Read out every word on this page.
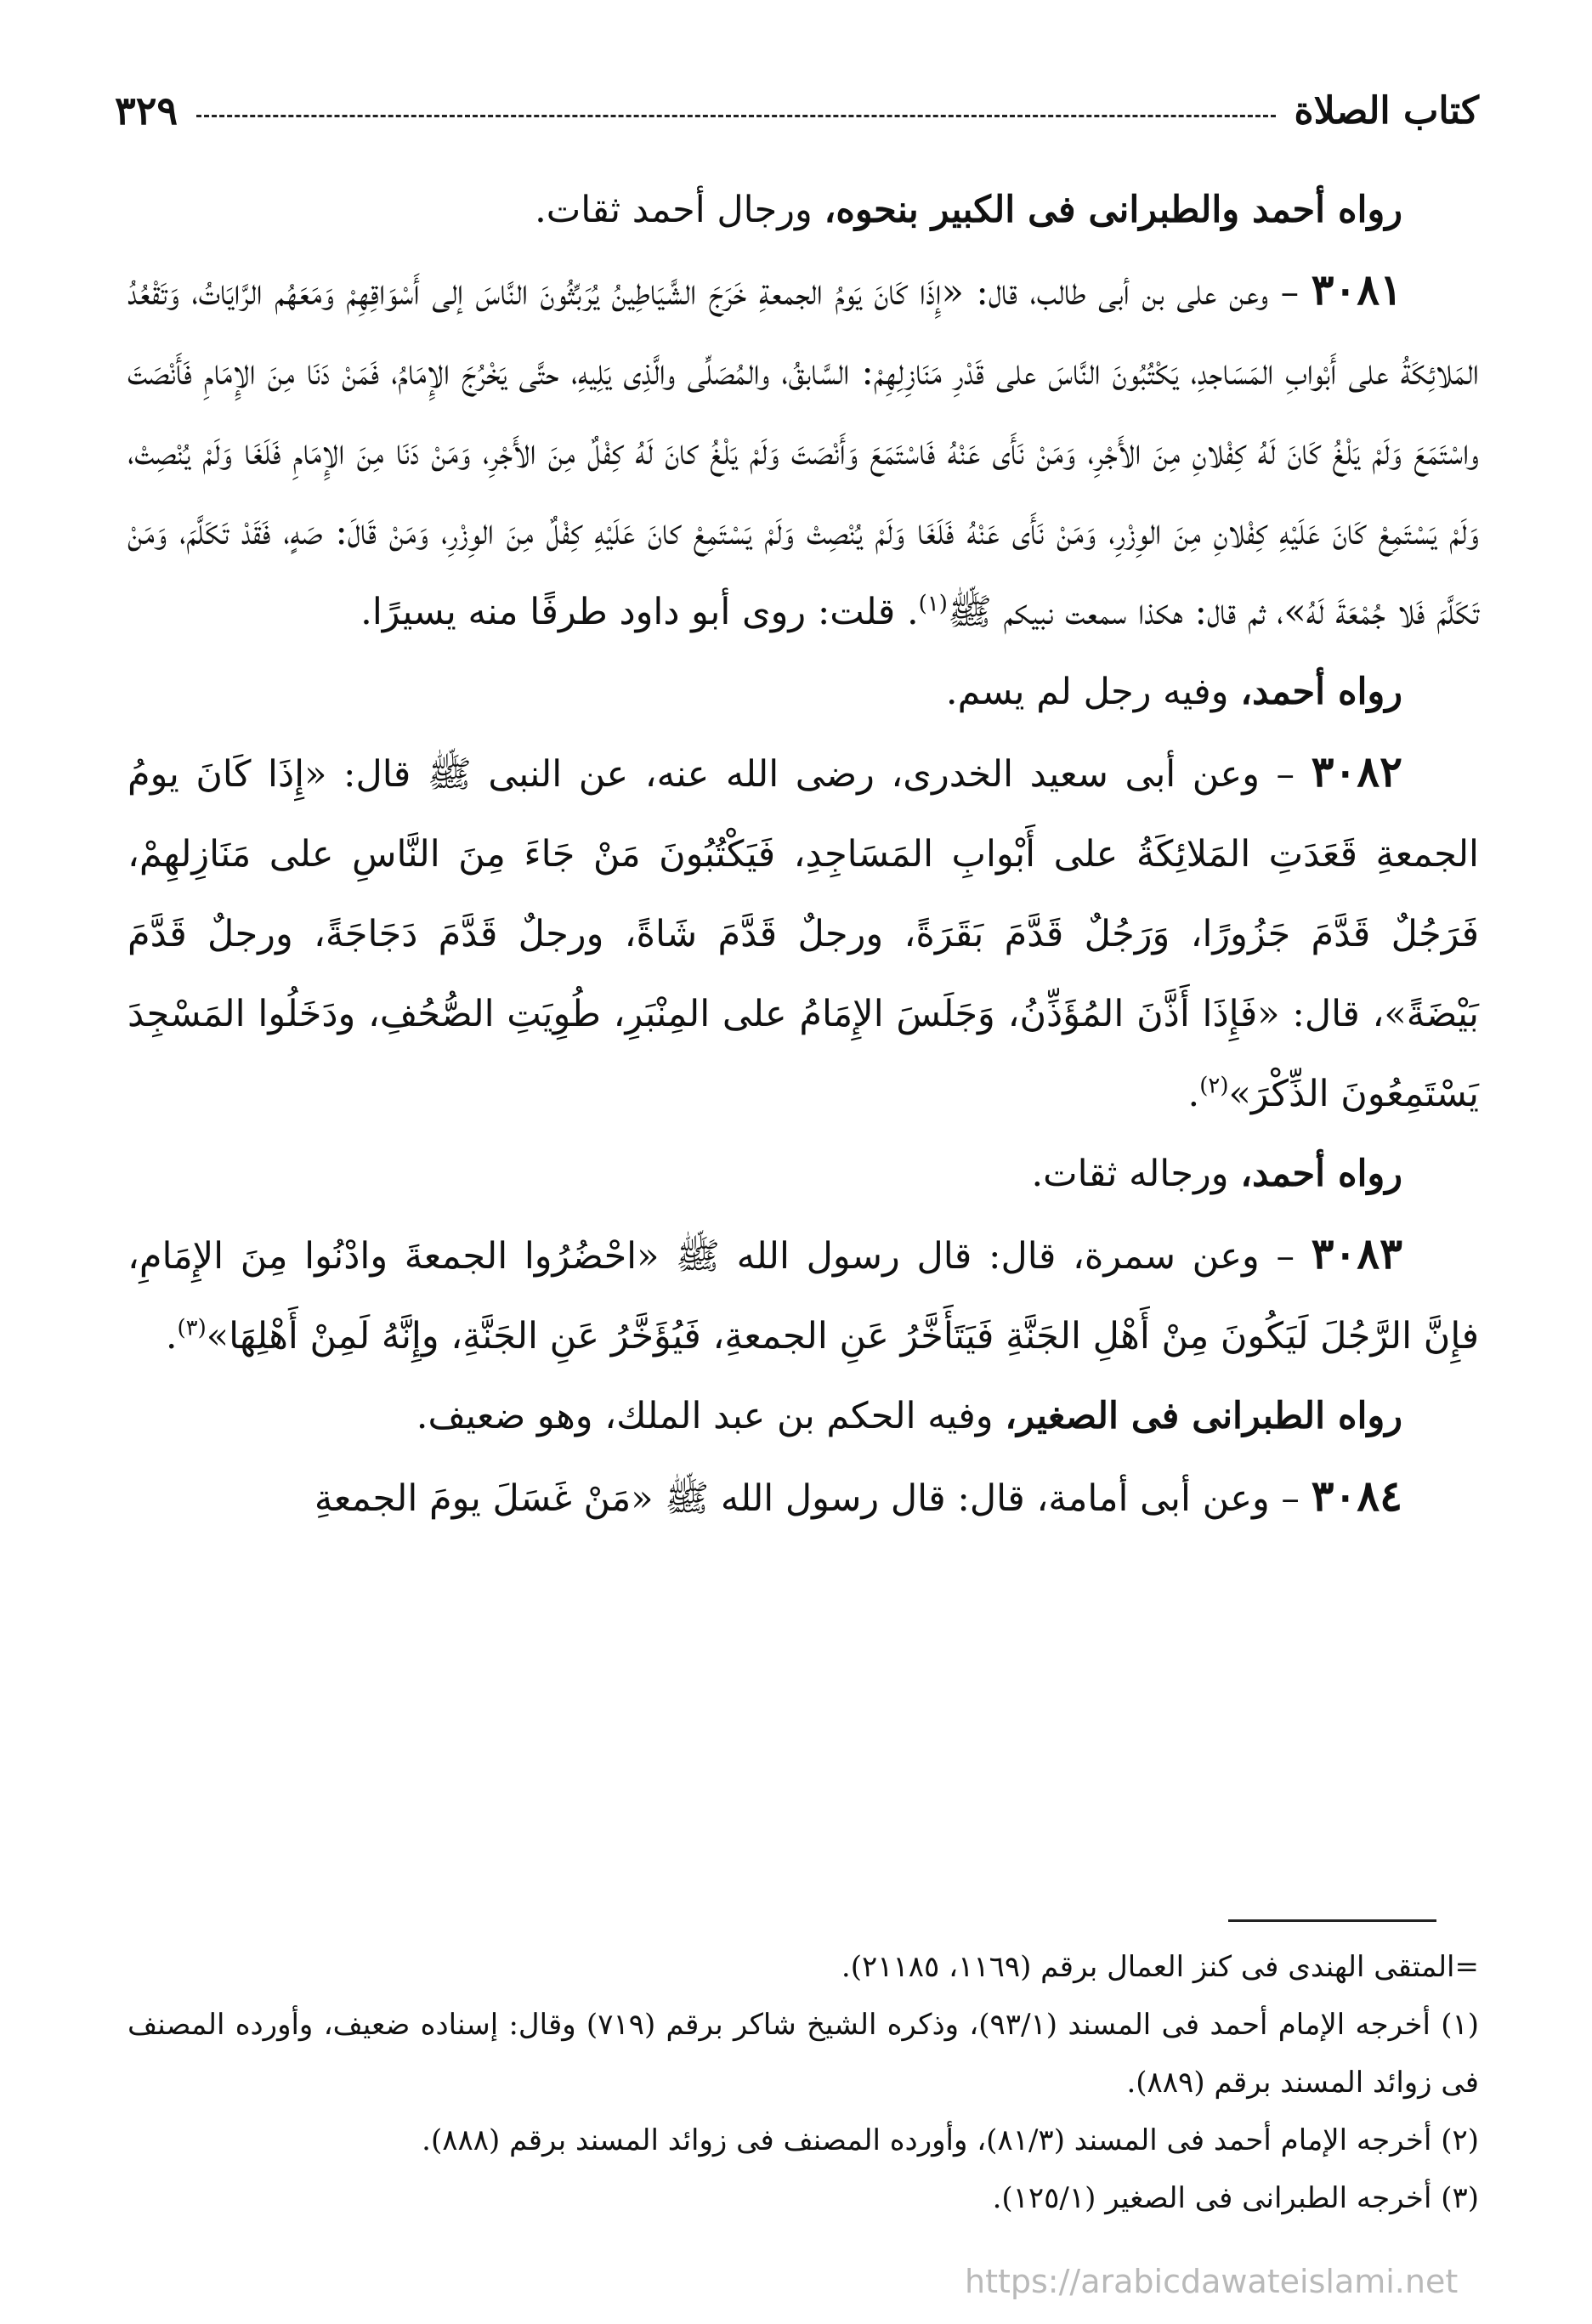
كتاب الصلاة
٣٢٩

رواه أحمد والطبرانى فى الكبير بنحوه، ورجال أحمد ثقات.

٣٠٨١ – وعن على بن أبى طالب، قال: «إِذَا كَانَ يَومُ الجمعةِ خَرَجَ الشَّيَاطِينُ يُرَبِّثُونَ النَّاسَ إلى أَسْوَاقِهِمْ وَمَعَهُم الرَّايَاتُ، وَتَقْعُدُ المَلائِكَةُ على أَبْوابِ المَسَاجدِ، يَكْتُبُونَ النَّاسَ على قَدْرِ مَنَازِلِهِمْ: السَّابقُ، والمُصَلِّى والَّذِى يَلِيهِ، حتَّى يَخْرُجَ الإِمَامُ، فَمَنْ دَنَا مِنَ الإِمَامِ فَأَنْصَتَ واسْتَمَعَ وَلَمْ يَلْغُ كَانَ لَهُ كِفْلانِ مِنَ الأَجْرِ، وَمَنْ نَأَى عَنْهُ فَاسْتَمَعَ وَأَنْصَتَ وَلَمْ يَلْغُ كانَ لَهُ كِفْلٌ مِنَ الأَجْرِ، وَمَنْ دَنَا مِنَ الإِمَامِ فَلَغَا وَلَمْ يُنْصِتْ، وَلَمْ يَسْتَمِعْ كَانَ عَلَيْهِ كِفْلانِ مِنَ الوِزْرِ، وَمَنْ نَأَى عَنْهُ فَلَغَا وَلَمْ يُنْصِتْ وَلَمْ يَسْتَمِعْ كانَ عَلَيْهِ كِفْلٌ مِنَ الوِزْرِ، وَمَنْ قَالَ: صَهٍ، فَقَدْ تَكَلَّمَ، وَمَنْ تَكَلَّمَ فَلا جُمْعَةَ لَهُ»، ثم قال: هكذا سمعت نبيكم ﷺ$^{(١)}$. قلت: روى أبو داود طرفًا منه يسيرًا.

رواه أحمد، وفيه رجل لم يسم.

٣٠٨٢ – وعن أبى سعيد الخدرى، رضى الله عنه، عن النبى ﷺ قال: «إِذَا كَانَ يومُ الجمعةِ قَعَدَتِ المَلائِكَةُ على أَبْوابِ المَسَاجِدِ، فَيَكْتُبُونَ مَنْ جَاءَ مِنَ النَّاسِ على مَنَازِلهِمْ، فَرَجُلٌ قَدَّمَ جَزُورًا، وَرَجُلٌ قَدَّمَ بَقَرَةً، ورجلٌ قَدَّمَ شَاةً، ورجلٌ قَدَّمَ دَجَاجَةً، ورجلٌ قَدَّمَ بَيْضَةً»، قال: «فَإِذَا أَذَّنَ المُؤَذِّنُ، وَجَلَسَ الإِمَامُ على المِنْبَرِ، طُوِيَتِ الصُّحُفِ، ودَخَلُوا المَسْجِدَ يَسْتَمِعُونَ الذِّكْرَ»$^{(٢)}$.

رواه أحمد، ورجاله ثقات.

٣٠٨٣ – وعن سمرة، قال: قال رسول الله ﷺ «احْضُرُوا الجمعةَ وادْنُوا مِنَ الإِمَامِ، فإِنَّ الرَّجُلَ لَيَكُونَ مِنْ أَهْلِ الجَنَّةِ فَيَتَأَخَّرُ عَنِ الجمعةِ، فَيُؤَخَّرُ عَنِ الجَنَّةِ، وإِنَّهُ لَمِنْ أَهْلِهَا»$^{(٣)}$.

رواه الطبرانى فى الصغير، وفيه الحكم بن عبد الملك، وهو ضعيف.

٣٠٨٤ – وعن أبى أمامة، قال: قال رسول الله ﷺ «مَنْ غَسَلَ يومَ الجمعةِ

=المتقى الهندى فى كنز العمال برقم (١١٦٩، ٢١١٨٥).

(١) أخرجه الإمام أحمد فى المسند (٩٣/١)، وذكره الشيخ شاكر برقم (٧١٩) وقال: إسناده ضعيف، وأورده المصنف فى زوائد المسند برقم (٨٨٩).

(٢) أخرجه الإمام أحمد فى المسند (٨١/٣)، وأورده المصنف فى زوائد المسند برقم (٨٨٨).

(٣) أخرجه الطبرانى فى الصغير (١٢٥/١).

https://arabicdawateislami.net
